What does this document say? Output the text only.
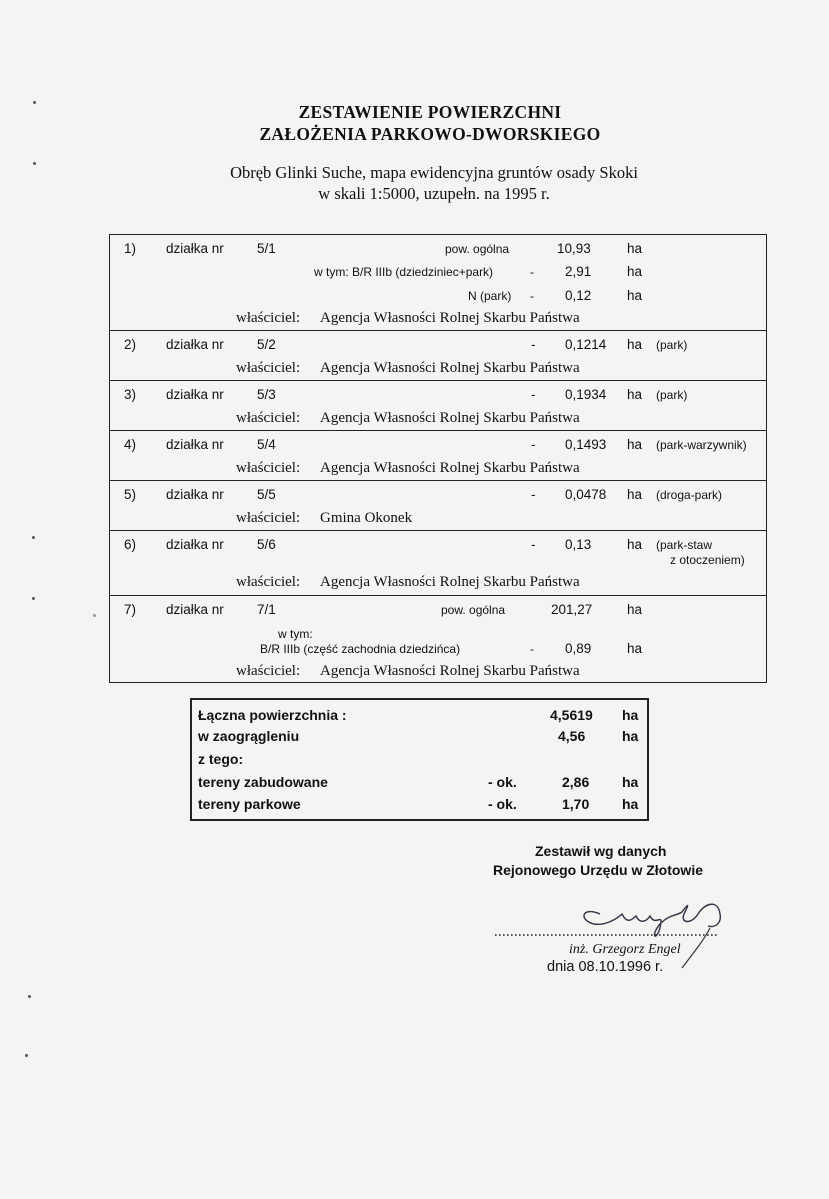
ZESTAWIENIE POWIERZCHNI
ZAŁOŻENIA PARKOWO-DWORSKIEGO
Obręb Glinki Suche, mapa ewidencyjna gruntów osady Skoki
w skali 1:5000, uzupełn. na 1995 r.
1) działka nr 5/1	pow. ogólna	10,93	ha
w tym: B/R IIIb (dziedziniec+park)	- 2,91	ha
N (park) - 0,12	ha
właściciel: Agencja Własności Rolnej Skarbu Państwa
2) działka nr 5/2	- 0,1214 ha (park)
właściciel: Agencja Własności Rolnej Skarbu Państwa
3) działka nr 5/3	- 0,1934 ha (park)
właściciel: Agencja Własności Rolnej Skarbu Państwa
4) działka nr 5/4	- 0,1493 ha (park-warzywnik)
właściciel: Agencja Własności Rolnej Skarbu Państwa
5) działka nr 5/5	- 0,0478 ha (droga-park)
właściciel: Gmina Okonek
6) działka nr 5/6	- 0,13	ha (park-staw
z otoczeniem)
właściciel: Agencja Własności Rolnej Skarbu Państwa
7) działka nr 7/1	pow. ogólna	201,27	ha
w tym:
B/R IIIb (część zachodnia dziedzińca)	- 0,89	ha
właściciel: Agencja Własności Rolnej Skarbu Państwa
Łączna powierzchnia :	4,5619 ha
w zaogrągleniu	4,56	ha
z tego:
tereny zabudowane	- ok.	2,86 ha
tereny parkowe	- ok.	1,70 ha
Zestawił wg danych
Rejonowego Urzędu w Złotowie
inż. Grzegorz Engel
dnia 08.10.1996 r.
